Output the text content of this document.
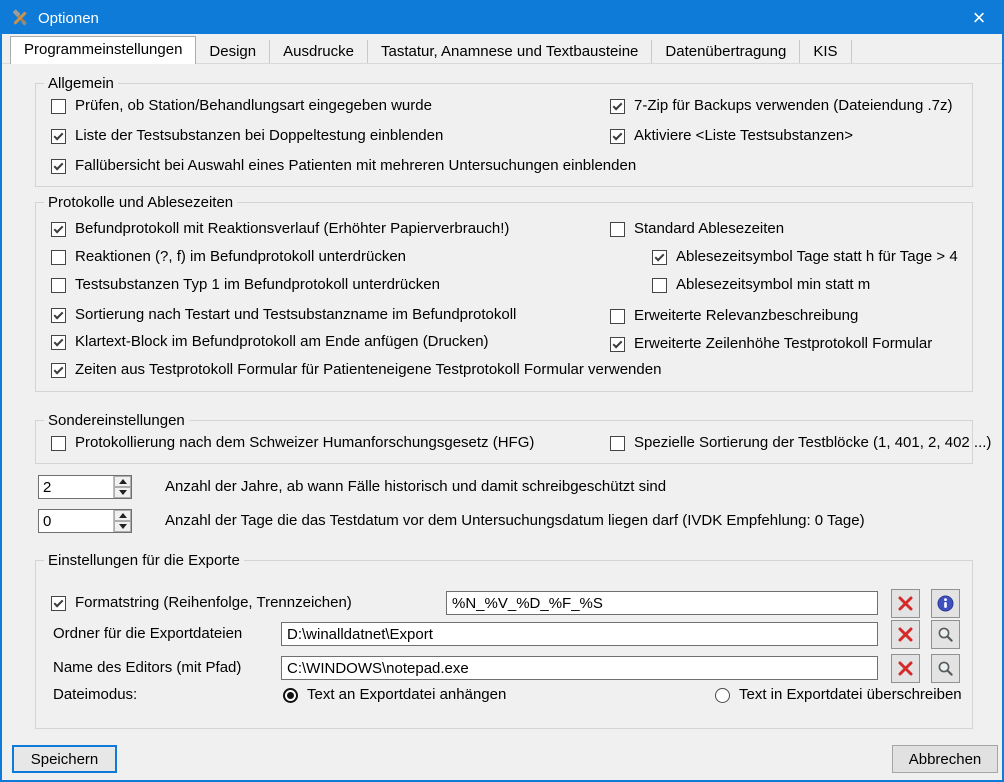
Optionen	×
Programmeinstellungen	Design	Ausdrucke	Tastatur, Anamnese und Textbausteine	Datenübertragung	KIS
Allgemein
Prüfen, ob Station/Behandlungsart eingegeben wurde
Liste der Testsubstanzen bei Doppeltestung einblenden
Fallübersicht bei Auswahl eines Patienten mit mehreren Untersuchungen einblenden
7-Zip für Backups verwenden (Dateiendung .7z)
Aktiviere <Liste Testsubstanzen>
Protokolle und Ablesezeiten
Befundprotokoll mit Reaktionsverlauf (Erhöhter Papierverbrauch!)
Reaktionen (?, f) im Befundprotokoll unterdrücken
Testsubstanzen Typ 1 im Befundprotokoll unterdrücken
Sortierung nach Testart und Testsubstanzname im Befundprotokoll
Klartext-Block im Befundprotokoll am Ende anfügen (Drucken)
Zeiten aus Testprotokoll Formular für Patienteneigene Testprotokoll Formular verwenden
Standard Ablesezeiten
Ablesezeitsymbol Tage statt h für Tage > 4
Ablesezeitsymbol min statt m
Erweiterte Relevanzbeschreibung
Erweiterte Zeilenhöhe Testprotokoll Formular
Sondereinstellungen
Protokollierung nach dem Schweizer Humanforschungsgesetz (HFG)	Spezielle Sortierung der Testblöcke (1, 401, 2, 402 ...)
2
Anzahl der Jahre, ab wann Fälle historisch und damit schreibgeschützt sind
0
Anzahl der Tage die das Testdatum vor dem Untersuchungsdatum liegen darf (IVDK Empfehlung: 0 Tage)
Einstellungen für die Exporte
Formatstring (Reihenfolge, Trennzeichen)
%N_%V_%D_%F_%S
Ordner für die Exportdateien
D:\winalldatnet\Export
Name des Editors (mit Pfad)
C:\WINDOWS\notepad.exe
Dateimodus:	Text an Exportdatei anhängen	Text in Exportdatei überschreiben
Speichern	Abbrechen
